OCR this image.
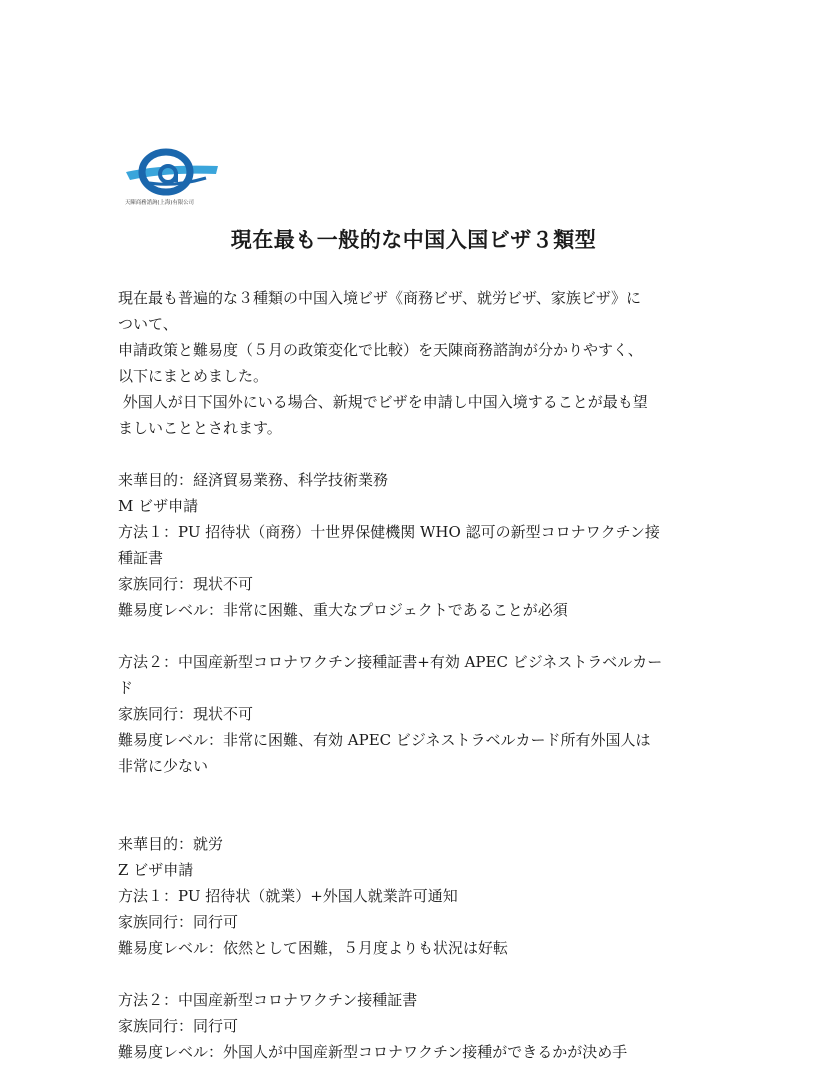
天陳商務諮詢(上海)有限公司
現在最も一般的な中国入国ビザ３類型
現在最も普遍的な３種類の中国入境ビザ《商務ビザ、就労ビザ、家族ビザ》に
ついて、
申請政策と難易度（５月の政策変化で比較）を天陳商務諮詢が分かりやすく、
以下にまとめました。
外国人が日下国外にいる場合、新規でビザを申請し中国入境することが最も望
ましいこととされます。
来華目的：経済貿易業務、科学技術業務
M ビザ申請
方法１：PU 招待状（商務）十世界保健機関 WHO 認可の新型コロナワクチン接
種証書
家族同行：現状不可
難易度レベル：非常に困難、重大なプロジェクトであることが必須
方法２：中国産新型コロナワクチン接種証書+有効 APEC ビジネストラベルカー
ド
家族同行：現状不可
難易度レベル：非常に困難、有効 APEC ビジネストラベルカード所有外国人は
非常に少ない
来華目的：就労
Z ビザ申請
方法１：PU 招待状（就業）+外国人就業許可通知
家族同行：同行可
難易度レベル：依然として困難，５月度よりも状況は好転
方法２：中国産新型コロナワクチン接種証書
家族同行：同行可
難易度レベル：外国人が中国産新型コロナワクチン接種ができるかが決め手
